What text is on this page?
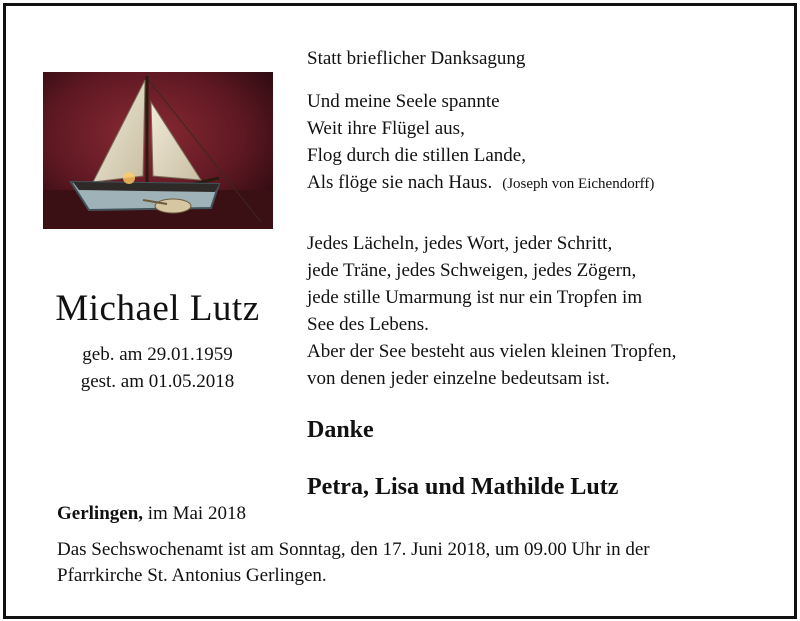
Michael Lutz
geb. am 29.01.1959
gest. am 01.05.2018
Statt brieflicher Danksagung
Und meine Seele spannte
Weit ihre Flügel aus,
Flog durch die stillen Lande,
Als flöge sie nach Haus. (Joseph von Eichendorff)
Jedes Lächeln, jedes Wort, jeder Schritt,
jede Träne, jedes Schweigen, jedes Zögern,
jede stille Umarmung ist nur ein Tropfen im
See des Lebens.
Aber der See besteht aus vielen kleinen Tropfen,
von denen jeder einzelne bedeutsam ist.
Danke
Petra, Lisa und Mathilde Lutz
Gerlingen, im Mai 2018
Das Sechswochenamt ist am Sonntag, den 17. Juni 2018, um 09.00 Uhr in der
Pfarrkirche St. Antonius Gerlingen.
